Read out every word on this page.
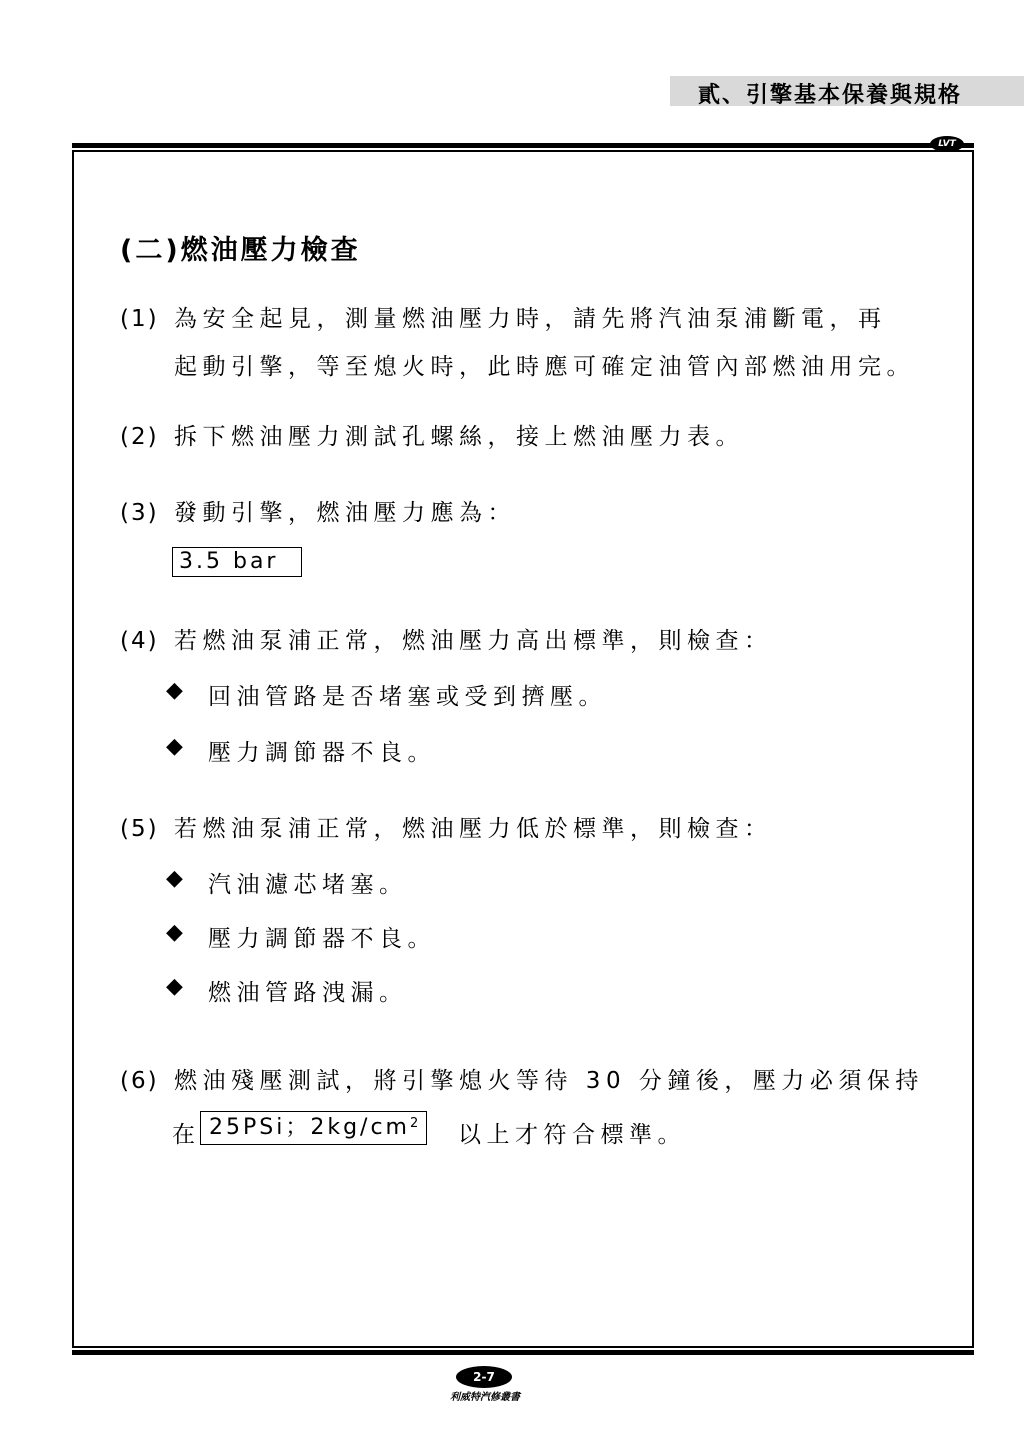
貳、引擎基本保養與規格
LVT
(二)燃油壓力檢查
(1) 為安全起見，測量燃油壓力時，請先將汽油泵浦斷電，再
起動引擎，等至熄火時，此時應可確定油管內部燃油用完。
(2) 拆下燃油壓力測試孔螺絲，接上燃油壓力表。
(3) 發動引擎，燃油壓力應為：
3.5 bar
(4) 若燃油泵浦正常，燃油壓力高出標準，則檢查：
◆ 回油管路是否堵塞或受到擠壓。
◆ 壓力調節器不良。
(5) 若燃油泵浦正常，燃油壓力低於標準，則檢查：
◆ 汽油濾芯堵塞。
◆ 壓力調節器不良。
◆ 燃油管路洩漏。
(6) 燃油殘壓測試，將引擎熄火等待 30 分鐘後，壓力必須保持
在 25PSi；$2kg/cm^2$	以上才符合標準。
2-7
利威特汽修叢書
